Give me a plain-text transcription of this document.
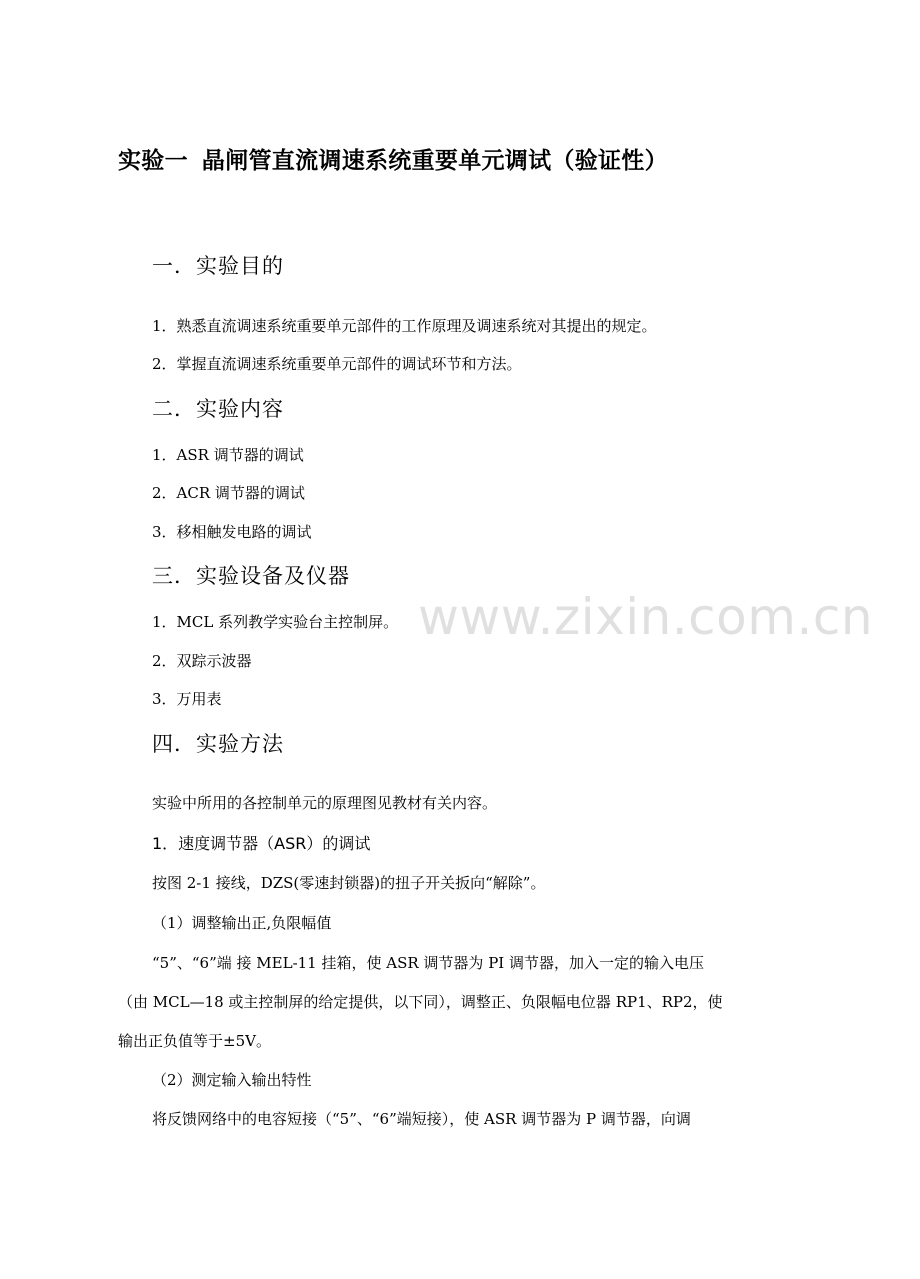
实验一 晶闸管直流调速系统重要单元调试（验证性）
一．实验目的
1．熟悉直流调速系统重要单元部件的工作原理及调速系统对其提出的规定。
2．掌握直流调速系统重要单元部件的调试环节和方法。
二．实验内容
1．ASR 调节器的调试
2．ACR 调节器的调试
3．移相触发电路的调试
三．实验设备及仪器
1．MCL 系列教学实验台主控制屏。
2．双踪示波器
3．万用表
四．实验方法
实验中所用的各控制单元的原理图见教材有关内容。
1．速度调节器（ASR）的调试
按图 2-1 接线，DZS(零速封锁器)的扭子开关扳向“解除”。
（1）调整输出正,负限幅值
“5”、“6”端 接 MEL-11 挂箱，使 ASR 调节器为 PI 调节器，加入一定的输入电压
（由 MCL—18 或主控制屏的给定提供，以下同），调整正、负限幅电位器 RP1、RP2，使
输出正负值等于±5V。
（2）测定输入输出特性
将反馈网络中的电容短接（“5”、“6”端短接），使 ASR 调节器为 P 调节器，向调
www.zixin.com.cn
